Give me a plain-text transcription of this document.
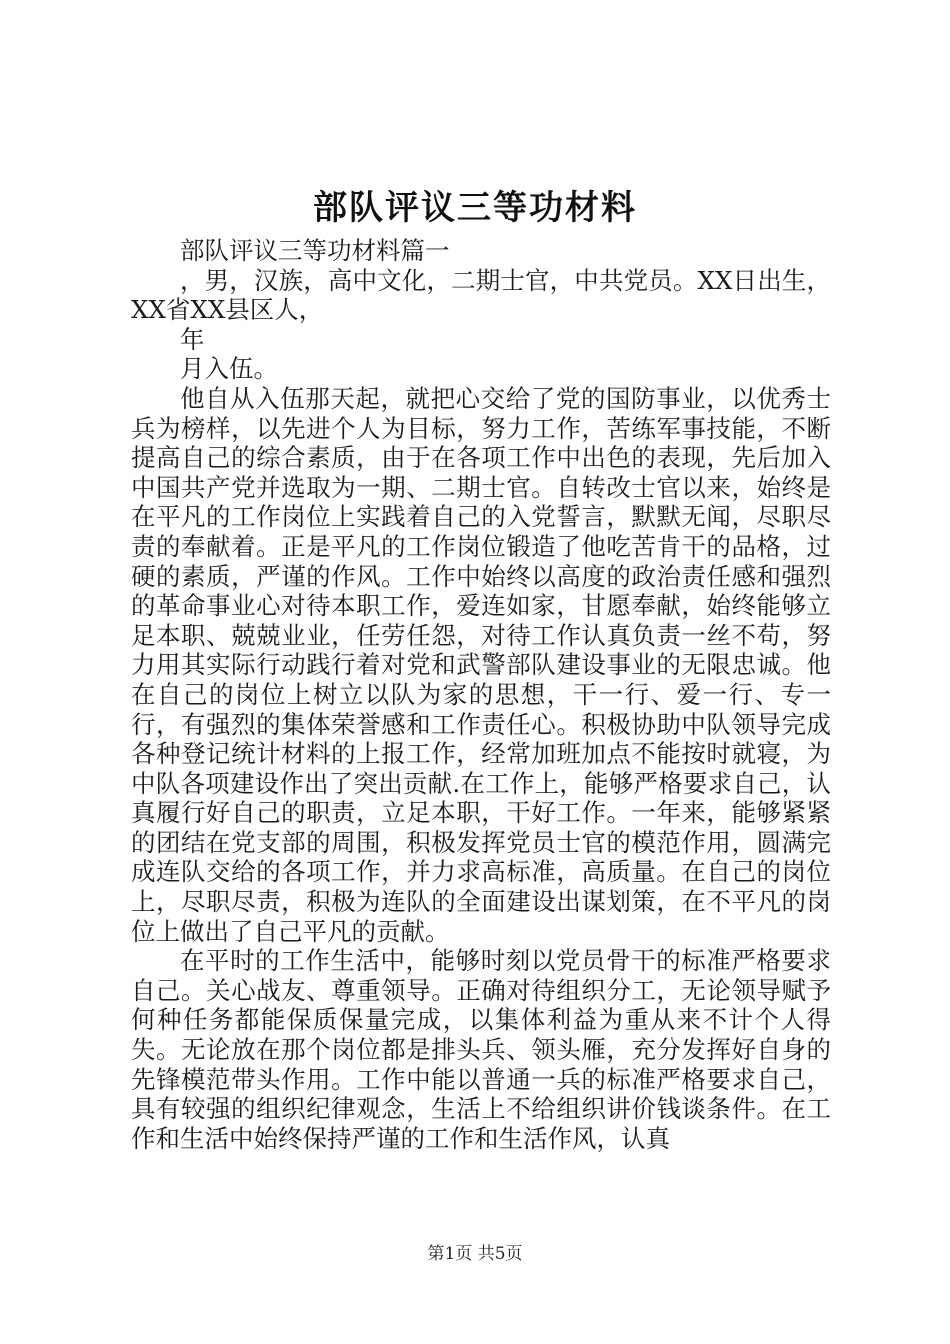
部队评议三等功材料

部队评议三等功材料篇一

，男，汉族，高中文化，二期士官，中共党员。XX日出生，XX省XX县区人，

年

月入伍。

他自从入伍那天起，就把心交给了党的国防事业，以优秀士兵为榜样，以先进个人为目标，努力工作，苦练军事技能，不断提高自己的综合素质，由于在各项工作中出色的表现，先后加入中国共产党并选取为一期、二期士官。自转改士官以来，始终是在平凡的工作岗位上实践着自己的入党誓言，默默无闻，尽职尽责的奉献着。正是平凡的工作岗位锻造了他吃苦肯干的品格，过硬的素质，严谨的作风。工作中始终以高度的政治责任感和强烈的革命事业心对待本职工作，爱连如家，甘愿奉献，始终能够立足本职、兢兢业业，任劳任怨，对待工作认真负责一丝不苟，努力用其实际行动践行着对党和武警部队建设事业的无限忠诚。他在自己的岗位上树立以队为家的思想，干一行、爱一行、专一行，有强烈的集体荣誉感和工作责任心。积极协助中队领导完成各种登记统计材料的上报工作，经常加班加点不能按时就寝，为中队各项建设作出了突出贡献.在工作上，能够严格要求自己，认真履行好自己的职责，立足本职，干好工作。一年来，能够紧紧的团结在党支部的周围，积极发挥党员士官的模范作用，圆满完成连队交给的各项工作，并力求高标准，高质量。在自己的岗位上，尽职尽责，积极为连队的全面建设出谋划策，在不平凡的岗位上做出了自己平凡的贡献。

在平时的工作生活中，能够时刻以党员骨干的标准严格要求自己。关心战友、尊重领导。正确对待组织分工，无论领导赋予何种任务都能保质保量完成，以集体利益为重从来不计个人得失。无论放在那个岗位都是排头兵、领头雁，充分发挥好自身的先锋模范带头作用。工作中能以普通一兵的标准严格要求自己，具有较强的组织纪律观念，生活上不给组织讲价钱谈条件。在工作和生活中始终保持严谨的工作和生活作风，认真

第1页 共5页
